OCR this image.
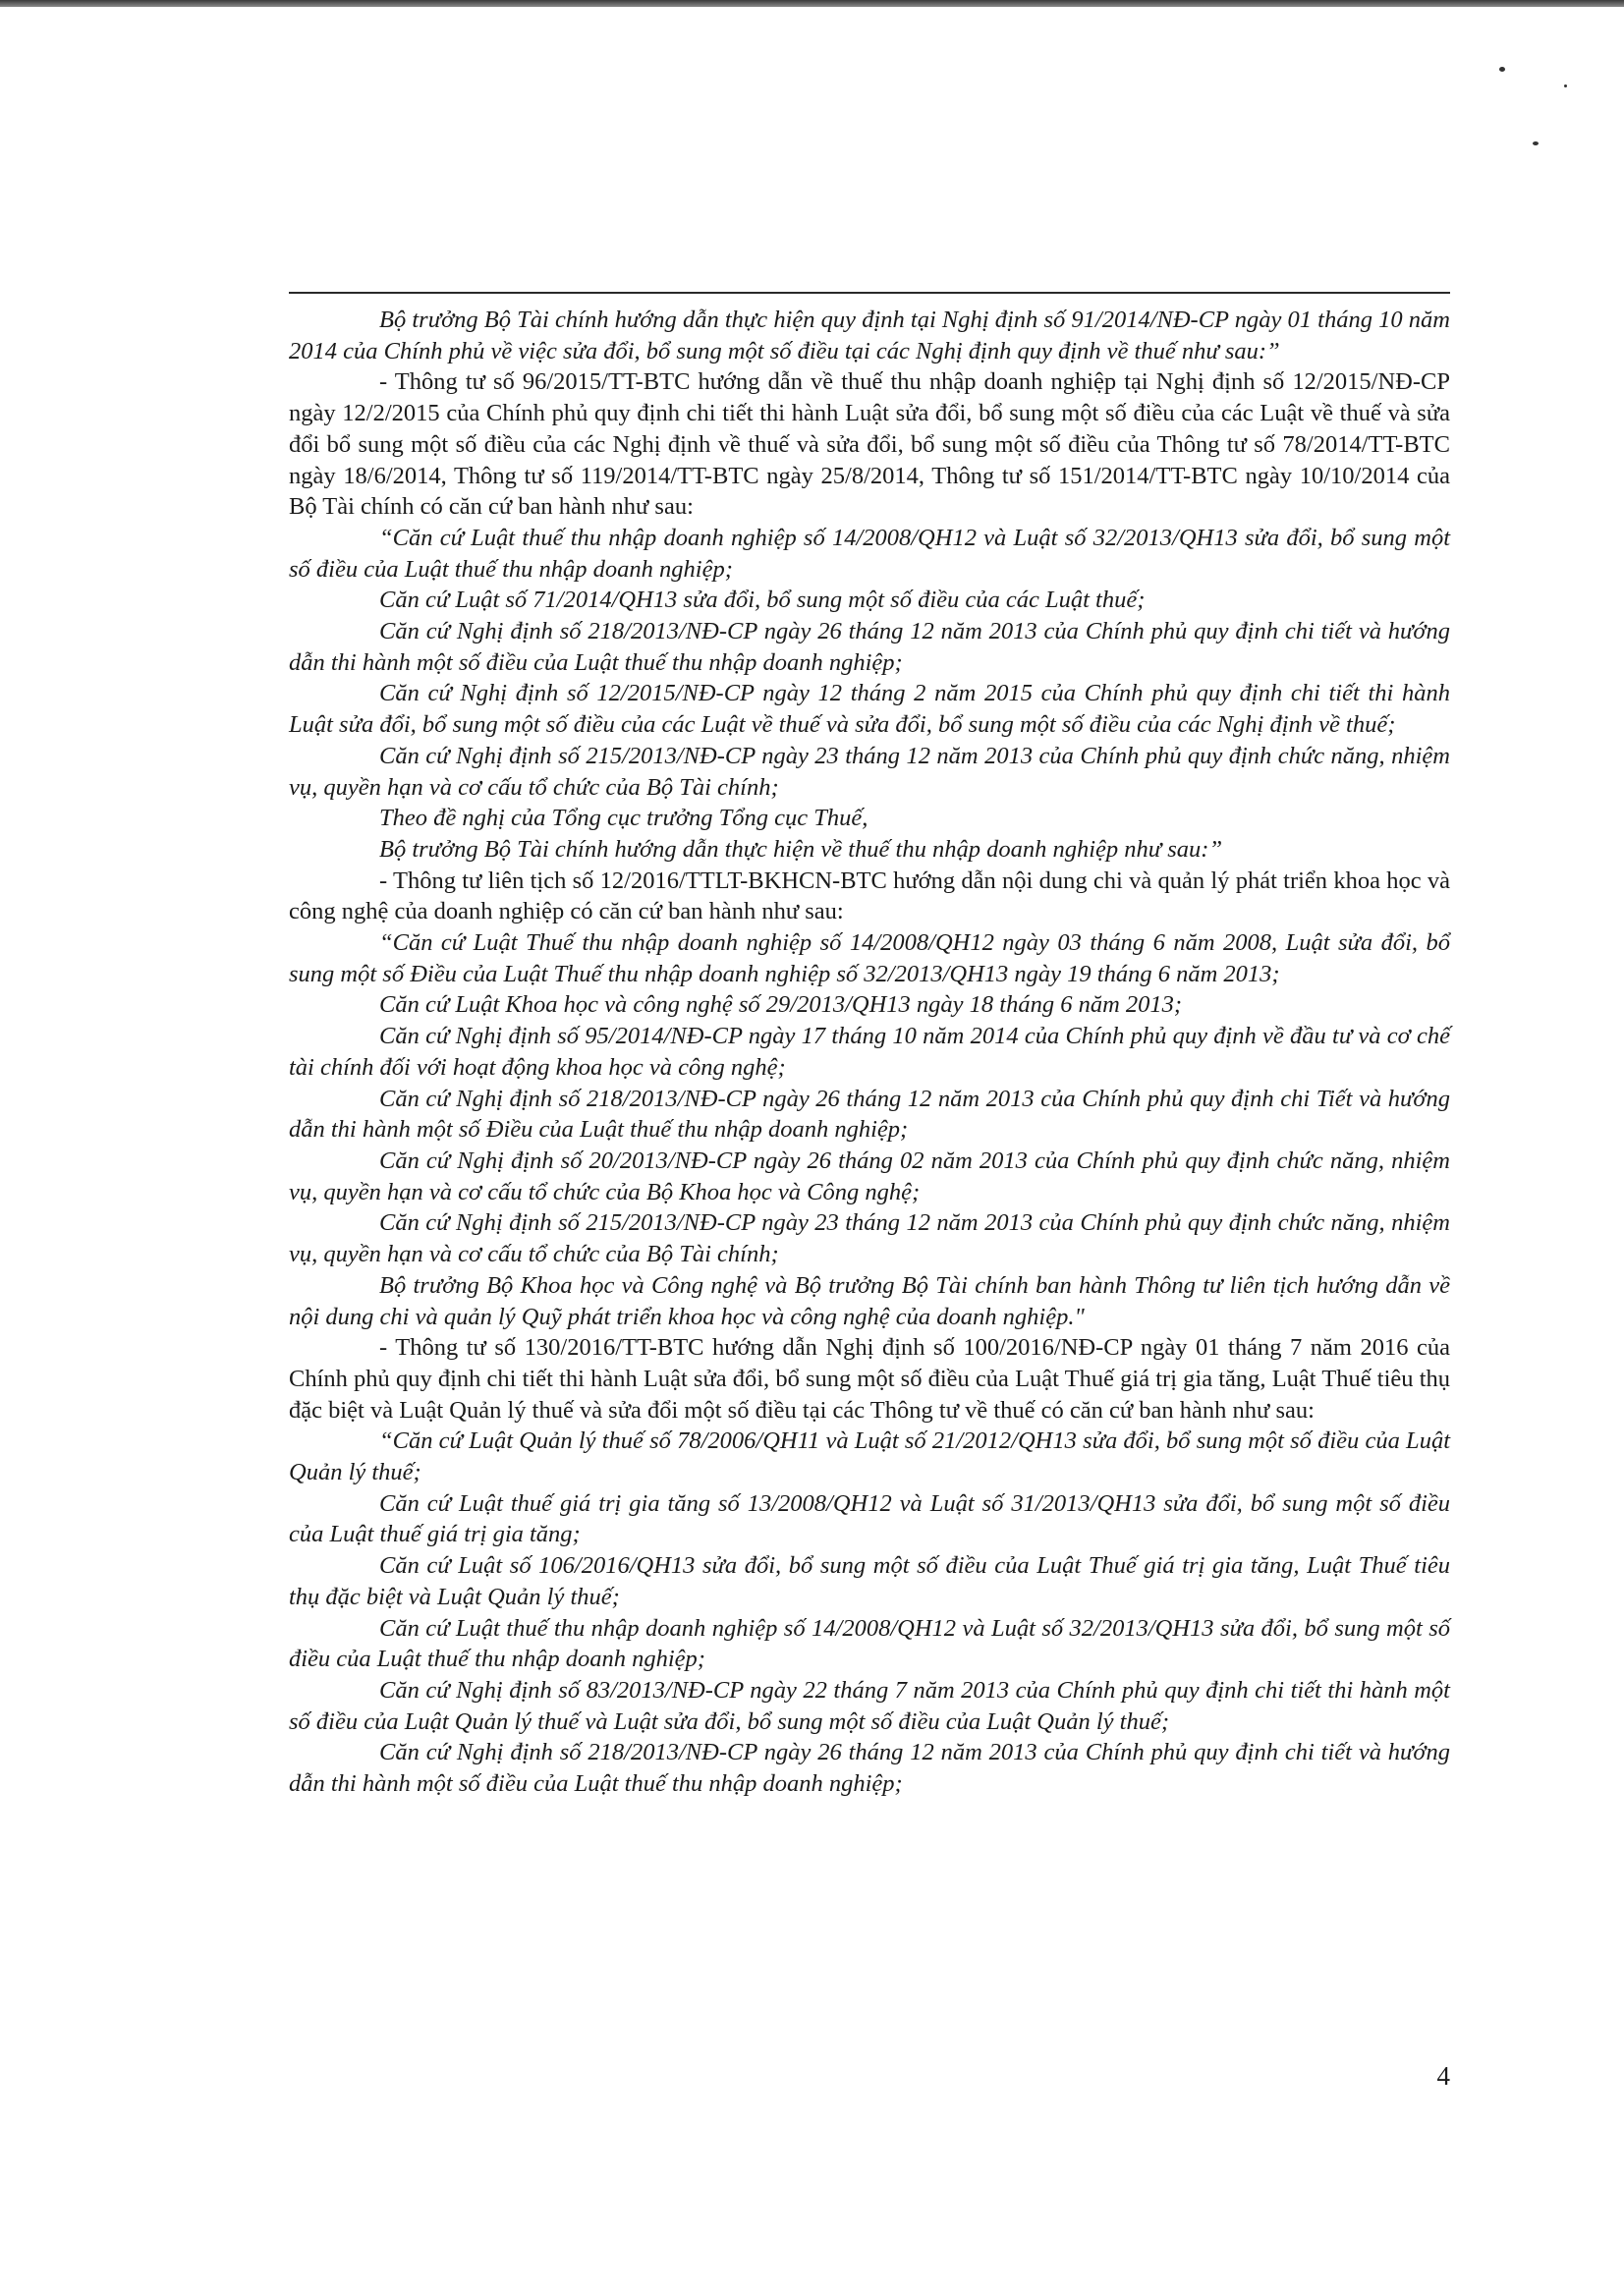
Bộ trưởng Bộ Tài chính hướng dẫn thực hiện quy định tại Nghị định số 91/2014/NĐ-CP ngày 01 tháng 10 năm 2014 của Chính phủ về việc sửa đổi, bổ sung một số điều tại các Nghị định quy định về thuế như sau:”

- Thông tư số 96/2015/TT-BTC hướng dẫn về thuế thu nhập doanh nghiệp tại Nghị định số 12/2015/NĐ-CP ngày 12/2/2015 của Chính phủ quy định chi tiết thi hành Luật sửa đổi, bổ sung một số điều của các Luật về thuế và sửa đổi bổ sung một số điều của các Nghị định về thuế và sửa đổi, bổ sung một số điều của Thông tư số 78/2014/TT-BTC ngày 18/6/2014, Thông tư số 119/2014/TT-BTC ngày 25/8/2014, Thông tư số 151/2014/TT-BTC ngày 10/10/2014 của Bộ Tài chính có căn cứ ban hành như sau:

“Căn cứ Luật thuế thu nhập doanh nghiệp số 14/2008/QH12 và Luật số 32/2013/QH13 sửa đổi, bổ sung một số điều của Luật thuế thu nhập doanh nghiệp;

Căn cứ Luật số 71/2014/QH13 sửa đổi, bổ sung một số điều của các Luật thuế;

Căn cứ Nghị định số 218/2013/NĐ-CP ngày 26 tháng 12 năm 2013 của Chính phủ quy định chi tiết và hướng dẫn thi hành một số điều của Luật thuế thu nhập doanh nghiệp;

Căn cứ Nghị định số 12/2015/NĐ-CP ngày 12 tháng 2 năm 2015 của Chính phủ quy định chi tiết thi hành Luật sửa đổi, bổ sung một số điều của các Luật về thuế và sửa đổi, bổ sung một số điều của các Nghị định về thuế;

Căn cứ Nghị định số 215/2013/NĐ-CP ngày 23 tháng 12 năm 2013 của Chính phủ quy định chức năng, nhiệm vụ, quyền hạn và cơ cấu tổ chức của Bộ Tài chính;

Theo đề nghị của Tổng cục trưởng Tổng cục Thuế,

Bộ trưởng Bộ Tài chính hướng dẫn thực hiện về thuế thu nhập doanh nghiệp như sau:”

- Thông tư liên tịch số 12/2016/TTLT-BKHCN-BTC hướng dẫn nội dung chi và quản lý phát triển khoa học và công nghệ của doanh nghiệp có căn cứ ban hành như sau:

“Căn cứ Luật Thuế thu nhập doanh nghiệp số 14/2008/QH12 ngày 03 tháng 6 năm 2008, Luật sửa đổi, bổ sung một số Điều của Luật Thuế thu nhập doanh nghiệp số 32/2013/QH13 ngày 19 tháng 6 năm 2013;

Căn cứ Luật Khoa học và công nghệ số 29/2013/QH13 ngày 18 tháng 6 năm 2013;

Căn cứ Nghị định số 95/2014/NĐ-CP ngày 17 tháng 10 năm 2014 của Chính phủ quy định về đầu tư và cơ chế tài chính đối với hoạt động khoa học và công nghệ;

Căn cứ Nghị định số 218/2013/NĐ-CP ngày 26 tháng 12 năm 2013 của Chính phủ quy định chi Tiết và hướng dẫn thi hành một số Điều của Luật thuế thu nhập doanh nghiệp;

Căn cứ Nghị định số 20/2013/NĐ-CP ngày 26 tháng 02 năm 2013 của Chính phủ quy định chức năng, nhiệm vụ, quyền hạn và cơ cấu tổ chức của Bộ Khoa học và Công nghệ;

Căn cứ Nghị định số 215/2013/NĐ-CP ngày 23 tháng 12 năm 2013 của Chính phủ quy định chức năng, nhiệm vụ, quyền hạn và cơ cấu tổ chức của Bộ Tài chính;

Bộ trưởng Bộ Khoa học và Công nghệ và Bộ trưởng Bộ Tài chính ban hành Thông tư liên tịch hướng dẫn về nội dung chi và quản lý Quỹ phát triển khoa học và công nghệ của doanh nghiệp."

- Thông tư số 130/2016/TT-BTC hướng dẫn Nghị định số 100/2016/NĐ-CP ngày 01 tháng 7 năm 2016 của Chính phủ quy định chi tiết thi hành Luật sửa đổi, bổ sung một số điều của Luật Thuế giá trị gia tăng, Luật Thuế tiêu thụ đặc biệt và Luật Quản lý thuế và sửa đổi một số điều tại các Thông tư về thuế có căn cứ ban hành như sau:

“Căn cứ Luật Quản lý thuế số 78/2006/QH11 và Luật số 21/2012/QH13 sửa đổi, bổ sung một số điều của Luật Quản lý thuế;

Căn cứ Luật thuế giá trị gia tăng số 13/2008/QH12 và Luật số 31/2013/QH13 sửa đổi, bổ sung một số điều của Luật thuế giá trị gia tăng;

Căn cứ Luật số 106/2016/QH13 sửa đổi, bổ sung một số điều của Luật Thuế giá trị gia tăng, Luật Thuế tiêu thụ đặc biệt và Luật Quản lý thuế;

Căn cứ Luật thuế thu nhập doanh nghiệp số 14/2008/QH12 và Luật số 32/2013/QH13 sửa đổi, bổ sung một số điều của Luật thuế thu nhập doanh nghiệp;

Căn cứ Nghị định số 83/2013/NĐ-CP ngày 22 tháng 7 năm 2013 của Chính phủ quy định chi tiết thi hành một số điều của Luật Quản lý thuế và Luật sửa đổi, bổ sung một số điều của Luật Quản lý thuế;

Căn cứ Nghị định số 218/2013/NĐ-CP ngày 26 tháng 12 năm 2013 của Chính phủ quy định chi tiết và hướng dẫn thi hành một số điều của Luật thuế thu nhập doanh nghiệp;

4
